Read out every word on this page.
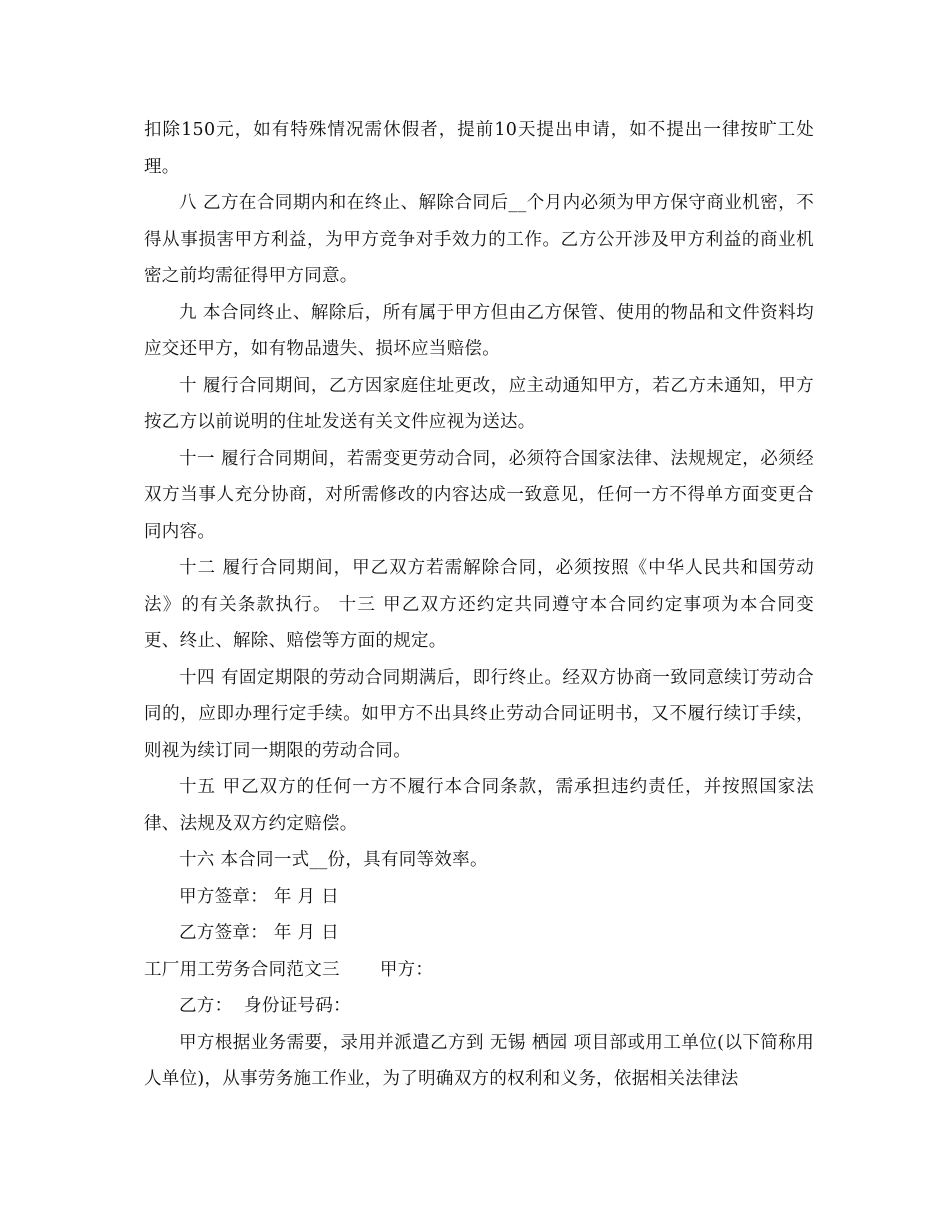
扣除150元，如有特殊情况需休假者，提前10天提出申请，如不提出一律按旷工处理。

八 乙方在合同期内和在终止、解除合同后__个月内必须为甲方保守商业机密，不得从事损害甲方利益，为甲方竞争对手效力的工作。乙方公开涉及甲方利益的商业机密之前均需征得甲方同意。

九 本合同终止、解除后，所有属于甲方但由乙方保管、使用的物品和文件资料均应交还甲方，如有物品遗失、损坏应当赔偿。

十 履行合同期间，乙方因家庭住址更改，应主动通知甲方，若乙方未通知，甲方按乙方以前说明的住址发送有关文件应视为送达。

十一 履行合同期间，若需变更劳动合同，必须符合国家法律、法规规定，必须经双方当事人充分协商，对所需修改的内容达成一致意见，任何一方不得单方面变更合同内容。

十二 履行合同期间，甲乙双方若需解除合同，必须按照《中华人民共和国劳动法》的有关条款执行。 十三 甲乙双方还约定共同遵守本合同约定事项为本合同变更、终止、解除、赔偿等方面的规定。

十四 有固定期限的劳动合同期满后，即行终止。经双方协商一致同意续订劳动合同的，应即办理行定手续。如甲方不出具终止劳动合同证明书，又不履行续订手续，则视为续订同一期限的劳动合同。

十五 甲乙双方的任何一方不履行本合同条款，需承担违约责任，并按照国家法律、法规及双方约定赔偿。

十六 本合同一式__份，具有同等效率。

甲方签章： 年 月 日

乙方签章： 年 月 日

工厂用工劳务合同范文三 甲方：

乙方：  身份证号码：

甲方根据业务需要，录用并派遣乙方到 无锡 栖园 项目部或用工单位(以下简称用人单位)，从事劳务施工作业，为了明确双方的权利和义务，依据相关法律法
